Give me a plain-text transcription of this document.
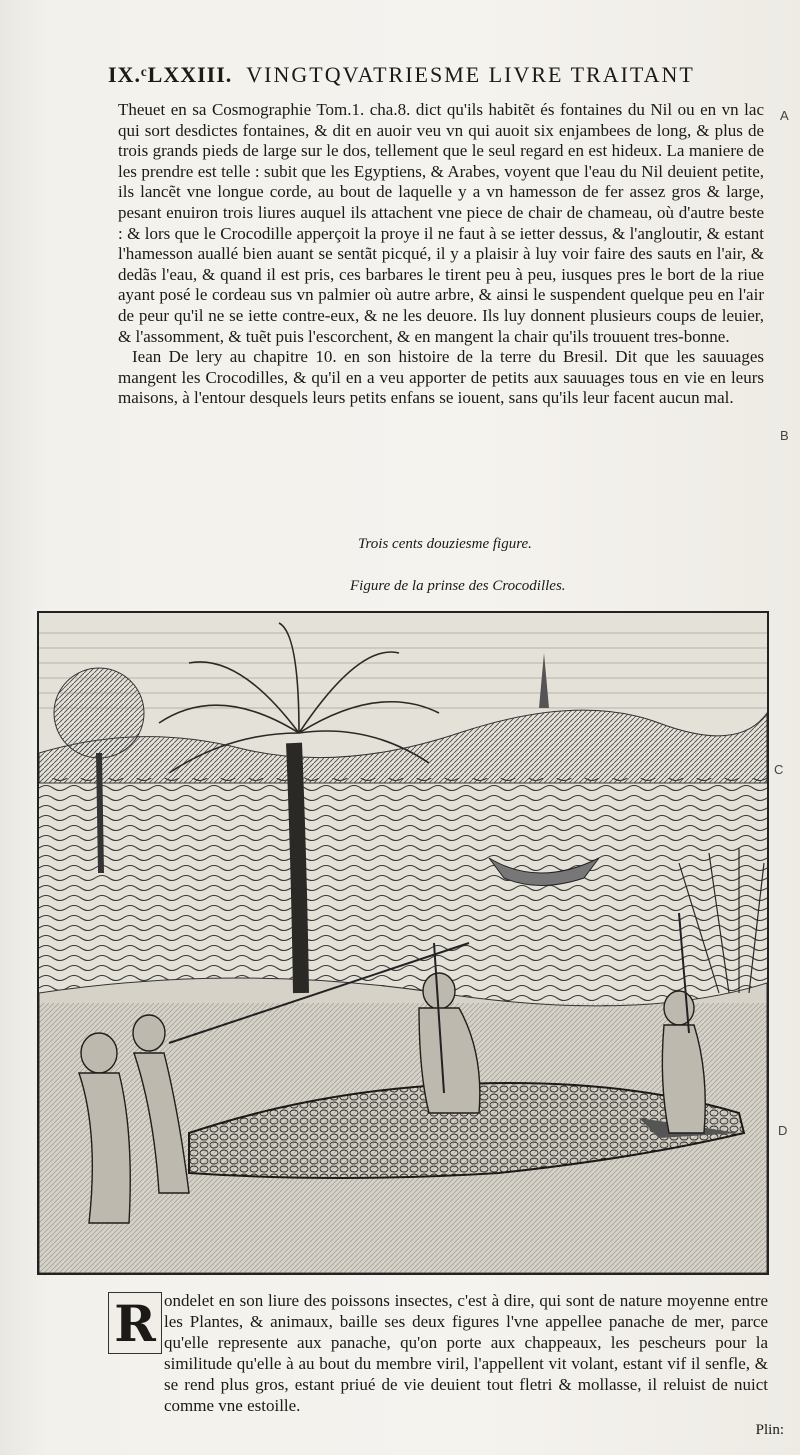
IX.ᶜLXXIII. VINGTQVATRIESME LIVRE TRAITANT
A
B
C
D

Theuet en sa Cosmographie Tom.1. cha.8. dict qu'ils habitẽt és fontaines du Nil ou en vn lac qui sort desdictes fontaines, & dit en auoir veu vn qui auoit six enjambees de long, & plus de trois grands pieds de large sur le dos, tellement que le seul regard en est hideux. La maniere de les prendre est telle : subit que les Egyptiens, & Arabes, voyent que l'eau du Nil deuient petite, ils lancẽt vne longue corde, au bout de laquelle y a vn hamesson de fer assez gros & large, pesant enuiron trois liures auquel ils attachent vne piece de chair de chameau, où d'autre beste : & lors que le Crocodille apperçoit la proye il ne faut à se ietter dessus, & l'angloutir, & estant l'hamesson auallé bien auant se sentãt picqué, il y a plaisir à luy voir faire des sauts en l'air, & dedãs l'eau, & quand il est pris, ces barbares le tirent peu à peu, iusques pres le bort de la riue ayant posé le cordeau sus vn palmier où autre arbre, & ainsi le suspendent quelque peu en l'air de peur qu'il ne se iette contre-eux, & ne les deuore. Ils luy donnent plusieurs coups de leuier, & l'assomment, & tuẽt puis l'escorchent, & en mangent la chair qu'ils trouuent tres-bonne.

Iean De lery au chapitre 10. en son histoire de la terre du Bresil. Dit que les sauuages mangent les Crocodilles, & qu'il en a veu apporter de petits aux sauuages tous en vie en leurs maisons, à l'entour desquels leurs petits enfans se iouent, sans qu'ils leur facent aucun mal.

Trois cents douziesme figure.
Figure de la prinse des Crocodilles.
R ondelet en son liure des poissons insectes, c'est à dire, qui sont de nature moyenne entre les Plantes, & animaux, baille ses deux figures l'vne appellee panache de mer, parce qu'elle represente aux panache, qu'on porte aux chappeaux, les pescheurs pour la similitude qu'elle à au bout du membre viril, l'appellent vit volant, estant vif il senfle, & se rend plus gros, estant priué de vie deuient tout fletri & mollasse, il reluist de nuict comme vne estoille.

Plin:
